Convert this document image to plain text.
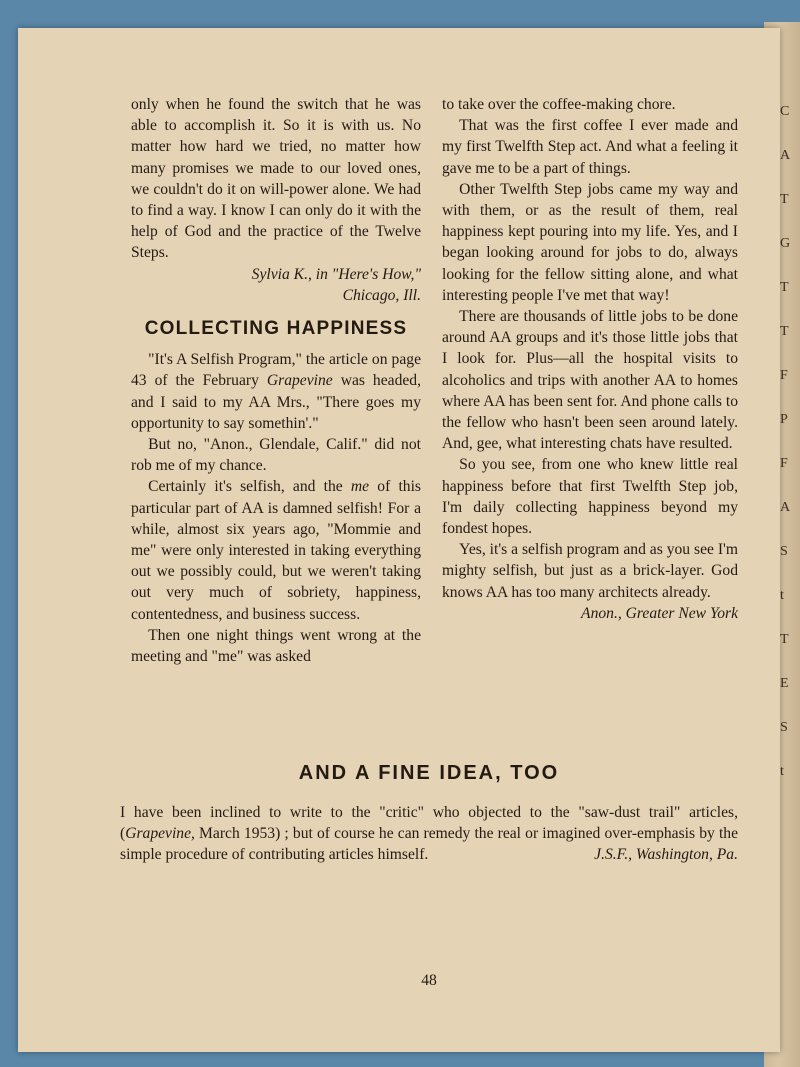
C
A
T
G
T
T
F
P
F
A
S
t
T
E
S
t

only when he found the switch that he was able to accomplish it. So it is with us. No matter how hard we tried, no matter how many promises we made to our loved ones, we couldn't do it on will-power alone. We had to find a way. I know I can only do it with the help of God and the practice of the Twelve Steps.

Sylvia K., in "Here's How,"

Chicago, Ill.

COLLECTING HAPPINESS

"It's A Selfish Program," the article on page 43 of the February Grapevine was headed, and I said to my AA Mrs., "There goes my opportunity to say somethin'."

But no, "Anon., Glendale, Calif." did not rob me of my chance.

Certainly it's selfish, and the me of this particular part of AA is damned selfish! For a while, almost six years ago, "Mommie and me" were only interested in taking everything out we possibly could, but we weren't taking out very much of sobriety, happiness, contentedness, and business success.

Then one night things went wrong at the meeting and "me" was asked

to take over the coffee-making chore.

That was the first coffee I ever made and my first Twelfth Step act. And what a feeling it gave me to be a part of things.

Other Twelfth Step jobs came my way and with them, or as the result of them, real happiness kept pouring into my life. Yes, and I began looking around for jobs to do, always looking for the fellow sitting alone, and what interesting people I've met that way!

There are thousands of little jobs to be done around AA groups and it's those little jobs that I look for. Plus—all the hospital visits to alcoholics and trips with another AA to homes where AA has been sent for. And phone calls to the fellow who hasn't been seen around lately. And, gee, what interesting chats have resulted.

So you see, from one who knew little real happiness before that first Twelfth Step job, I'm daily collecting happiness beyond my fondest hopes.

Yes, it's a selfish program and as you see I'm mighty selfish, but just as a brick-layer. God knows AA has too many architects already.

Anon., Greater New York

AND A FINE IDEA, TOO

I have been inclined to write to the "critic" who objected to the "saw-dust trail" articles, (Grapevine, March 1953) ; but of course he can remedy the real or imagined over-emphasis by the simple procedure of contributing articles himself.	J.S.F., Washington, Pa.

48
